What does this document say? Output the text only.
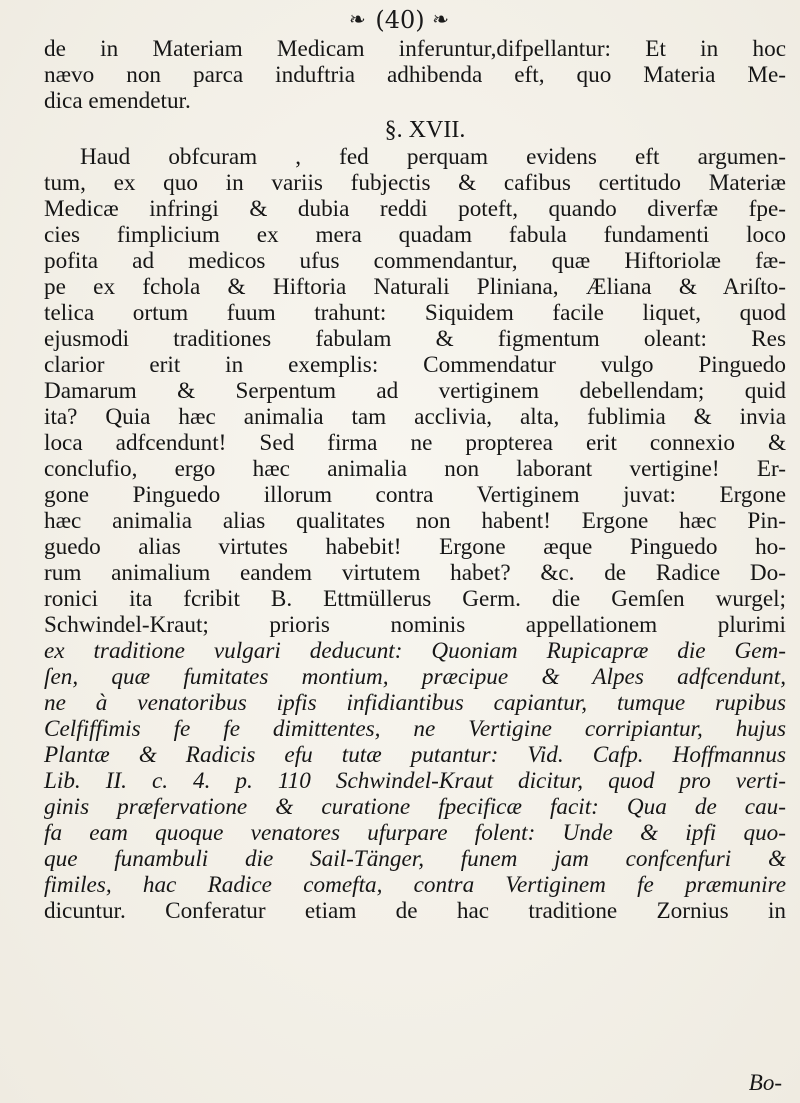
❧ (40) ❧
de in Materiam Medicam inferuntur,difpellantur: Et in hoc
nævo non parca induftria adhibenda eft, quo Materia Me-
dica emendetur.
§. XVII.
Haud obfcuram , fed perquam evidens eft argumen-
tum, ex quo in variis fubjectis & cafibus certitudo Materiæ
Medicæ infringi & dubia reddi poteft, quando diverfæ fpe-
cies fimplicium ex mera quadam fabula fundamenti loco
pofita ad medicos ufus commendantur, quæ Hiftoriolæ fæ-
pe ex fchola & Hiftoria Naturali Pliniana, Æliana & Ariſto-
telica ortum fuum trahunt: Siquidem facile liquet, quod
ejusmodi traditiones fabulam & figmentum oleant: Res
clarior erit in exemplis: Commendatur vulgo Pinguedo
Damarum & Serpentum ad vertiginem debellendam; quid
ita? Quia hæc animalia tam acclivia, alta, fublimia & invia
loca adfcendunt! Sed firma ne propterea erit connexio &
conclufio, ergo hæc animalia non laborant vertigine! Er-
gone Pinguedo illorum contra Vertiginem juvat: Ergone
hæc animalia alias qualitates non habent! Ergone hæc Pin-
guedo alias virtutes habebit! Ergone æque Pinguedo ho-
rum animalium eandem virtutem habet? &c. de Radice Do-
ronici ita fcribit B. Ettmüllerus Germ. die Gemſen wurgel;
Schwindel-Kraut; prioris nominis appellationem plurimi
ex traditione vulgari deducunt: Quoniam Rupicapræ die Gem-
ſen, quæ fumitates montium, præcipue & Alpes adfcendunt,
ne à venatoribus ipfis infidiantibus capiantur, tumque rupibus
Celfiffimis fe fe dimittentes, ne Vertigine corripiantur, hujus
Plantæ & Radicis efu tutæ putantur: Vid. Cafp. Hoffmannus
Lib. II. c. 4. p. 110 Schwindel-Kraut dicitur, quod pro verti-
ginis præfervatione & curatione fpecificæ facit: Qua de cau-
fa eam quoque venatores ufurpare folent: Unde & ipfi quo-
que funambuli die Sail-Tänger, funem jam confcenfuri &
fimiles, hac Radice comefta, contra Vertiginem fe præmunire
dicuntur. Conferatur etiam de hac traditione Zornius in
Bo-
